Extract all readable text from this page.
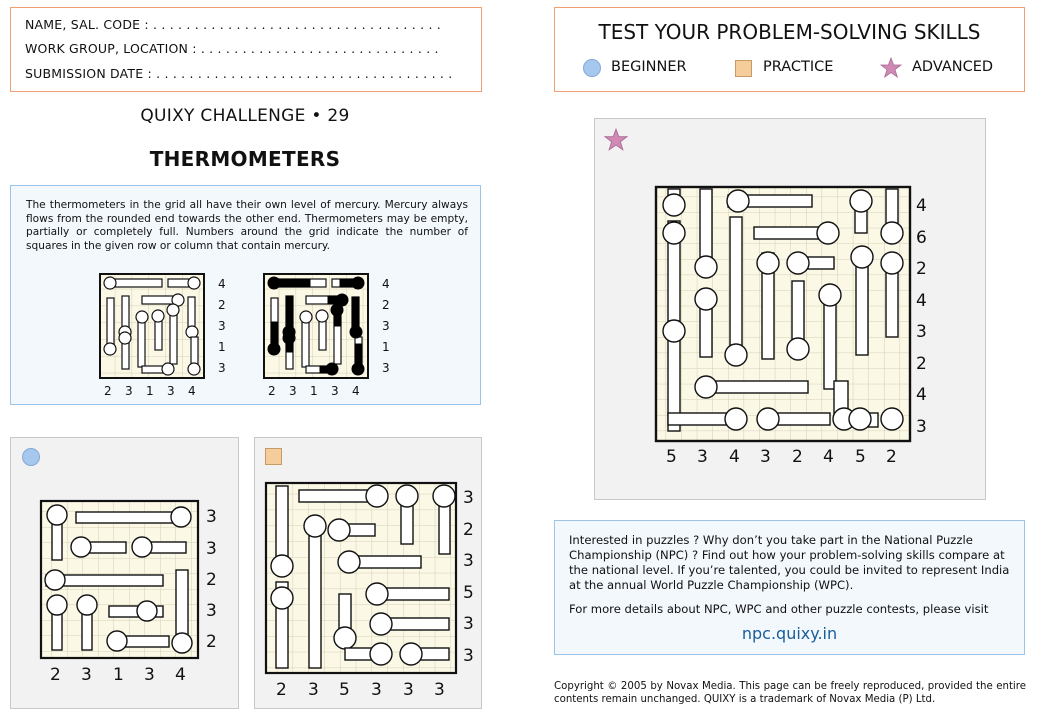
NAME, SAL. CODE : . . . . . . . . . . . . . . . . . . . . . . . . . . . . . . . . . . .
WORK GROUP, LOCATION : . . . . . . . . . . . . . . . . . . . . . . . . . . . . .
SUBMISSION DATE : . . . . . . . . . . . . . . . . . . . . . . . . . . . . . . . . . . . .
QUIXY CHALLENGE • 29
THERMOMETERS
The thermometers in the grid all have their own level of mercury. Mercury always flows from the rounded end towards the other end. Thermometers may be empty, partially or completely full. Numbers around the grid indicate the number of squares in the given row or column that contain mercury.
4
2
3
1
3
2 3 1 3 4
4
2
3
1
3
2 3 1 3 4
3
3
2
3
2
2 3 1 3 4
3
2
3
5
3
3
2 3 5 3 3 3
TEST YOUR PROBLEM-SOLVING SKILLS
BEGINNER	PRACTICE	ADVANCED
4
6
2
4
3
2
4
3
5 3 4 3 2 4 5 2
Interested in puzzles ? Why don’t you take part in the National Puzzle Championship (NPC) ? Find out how your problem-solving skills compare at the national level. If you’re talented, you could be invited to represent India at the annual World Puzzle Championship (WPC).
For more details about NPC, WPC and other puzzle contests, please visit
npc.quixy.in
Copyright © 2005 by Novax Media. This page can be freely reproduced, provided the entire contents remain unchanged. QUIXY is a trademark of Novax Media (P) Ltd.
